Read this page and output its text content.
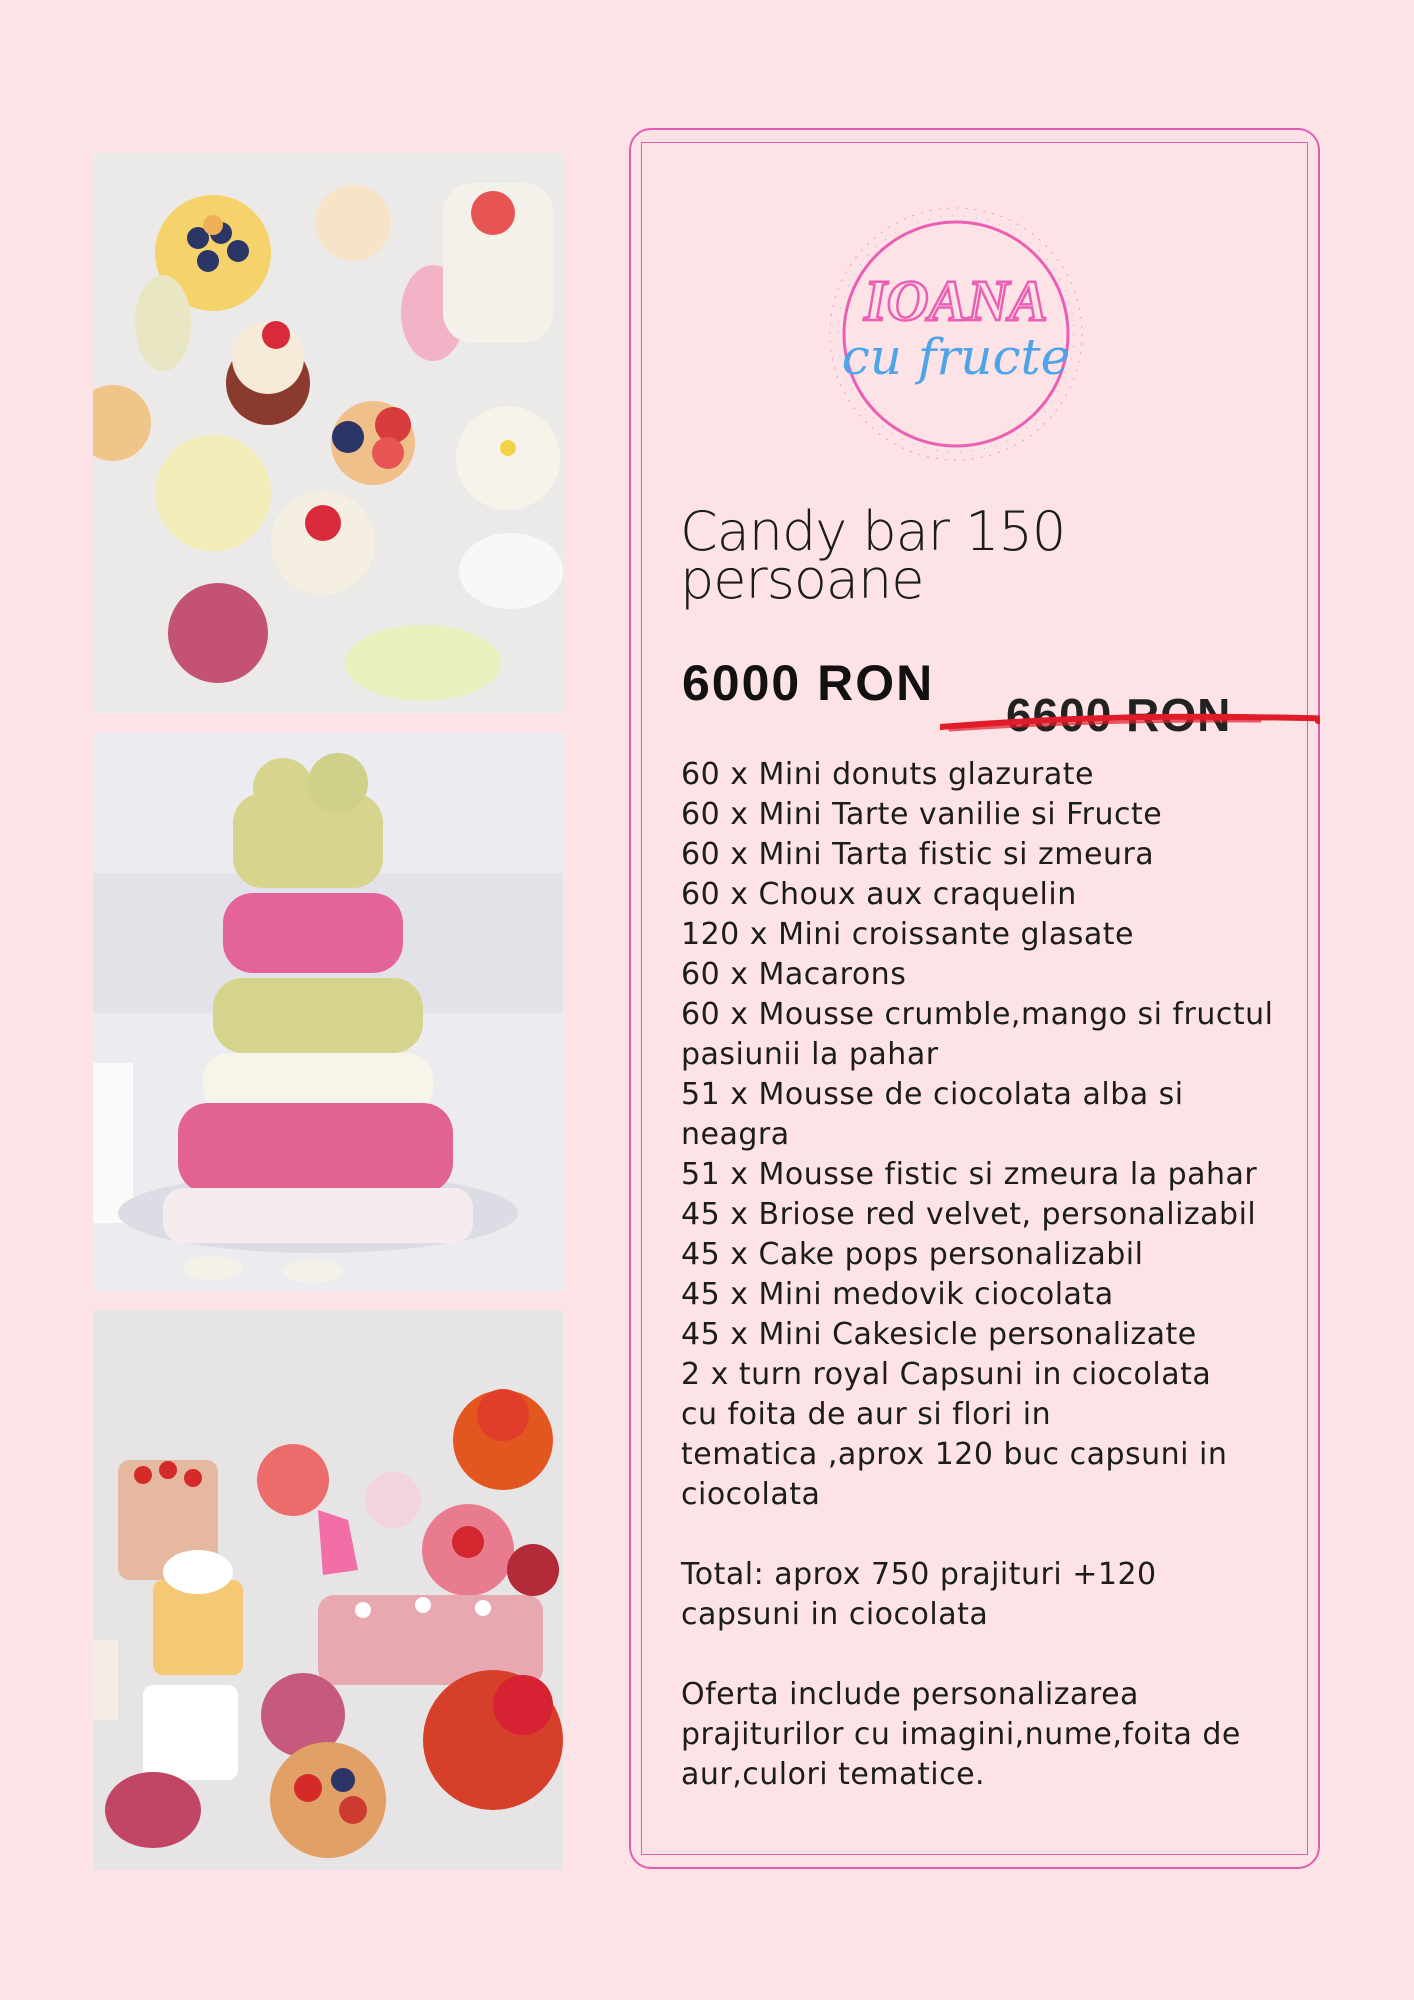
IOANA
cu fructe
Candy bar 150
persoane
6000 RON
6600 RON
60 x Mini donuts glazurate
60 x Mini Tarte vanilie si Fructe
60 x Mini Tarta fistic si zmeura
60 x Choux aux craquelin
120 x Mini croissante glasate
60 x Macarons
60 x Mousse crumble,mango si fructul
pasiunii la pahar
51 x Mousse de ciocolata alba si
neagra
51 x Mousse fistic si zmeura la pahar
45 x Briose red velvet, personalizabil
45 x Cake pops personalizabil
45 x Mini medovik ciocolata
45 x Mini Cakesicle personalizate
2 x turn royal Capsuni in ciocolata
cu foita de aur si flori in
tematica ,aprox 120 buc capsuni in
ciocolata
Total: aprox 750 prajituri +120
capsuni in ciocolata
Oferta include personalizarea
prajiturilor cu imagini,nume,foita de
aur,culori tematice.
